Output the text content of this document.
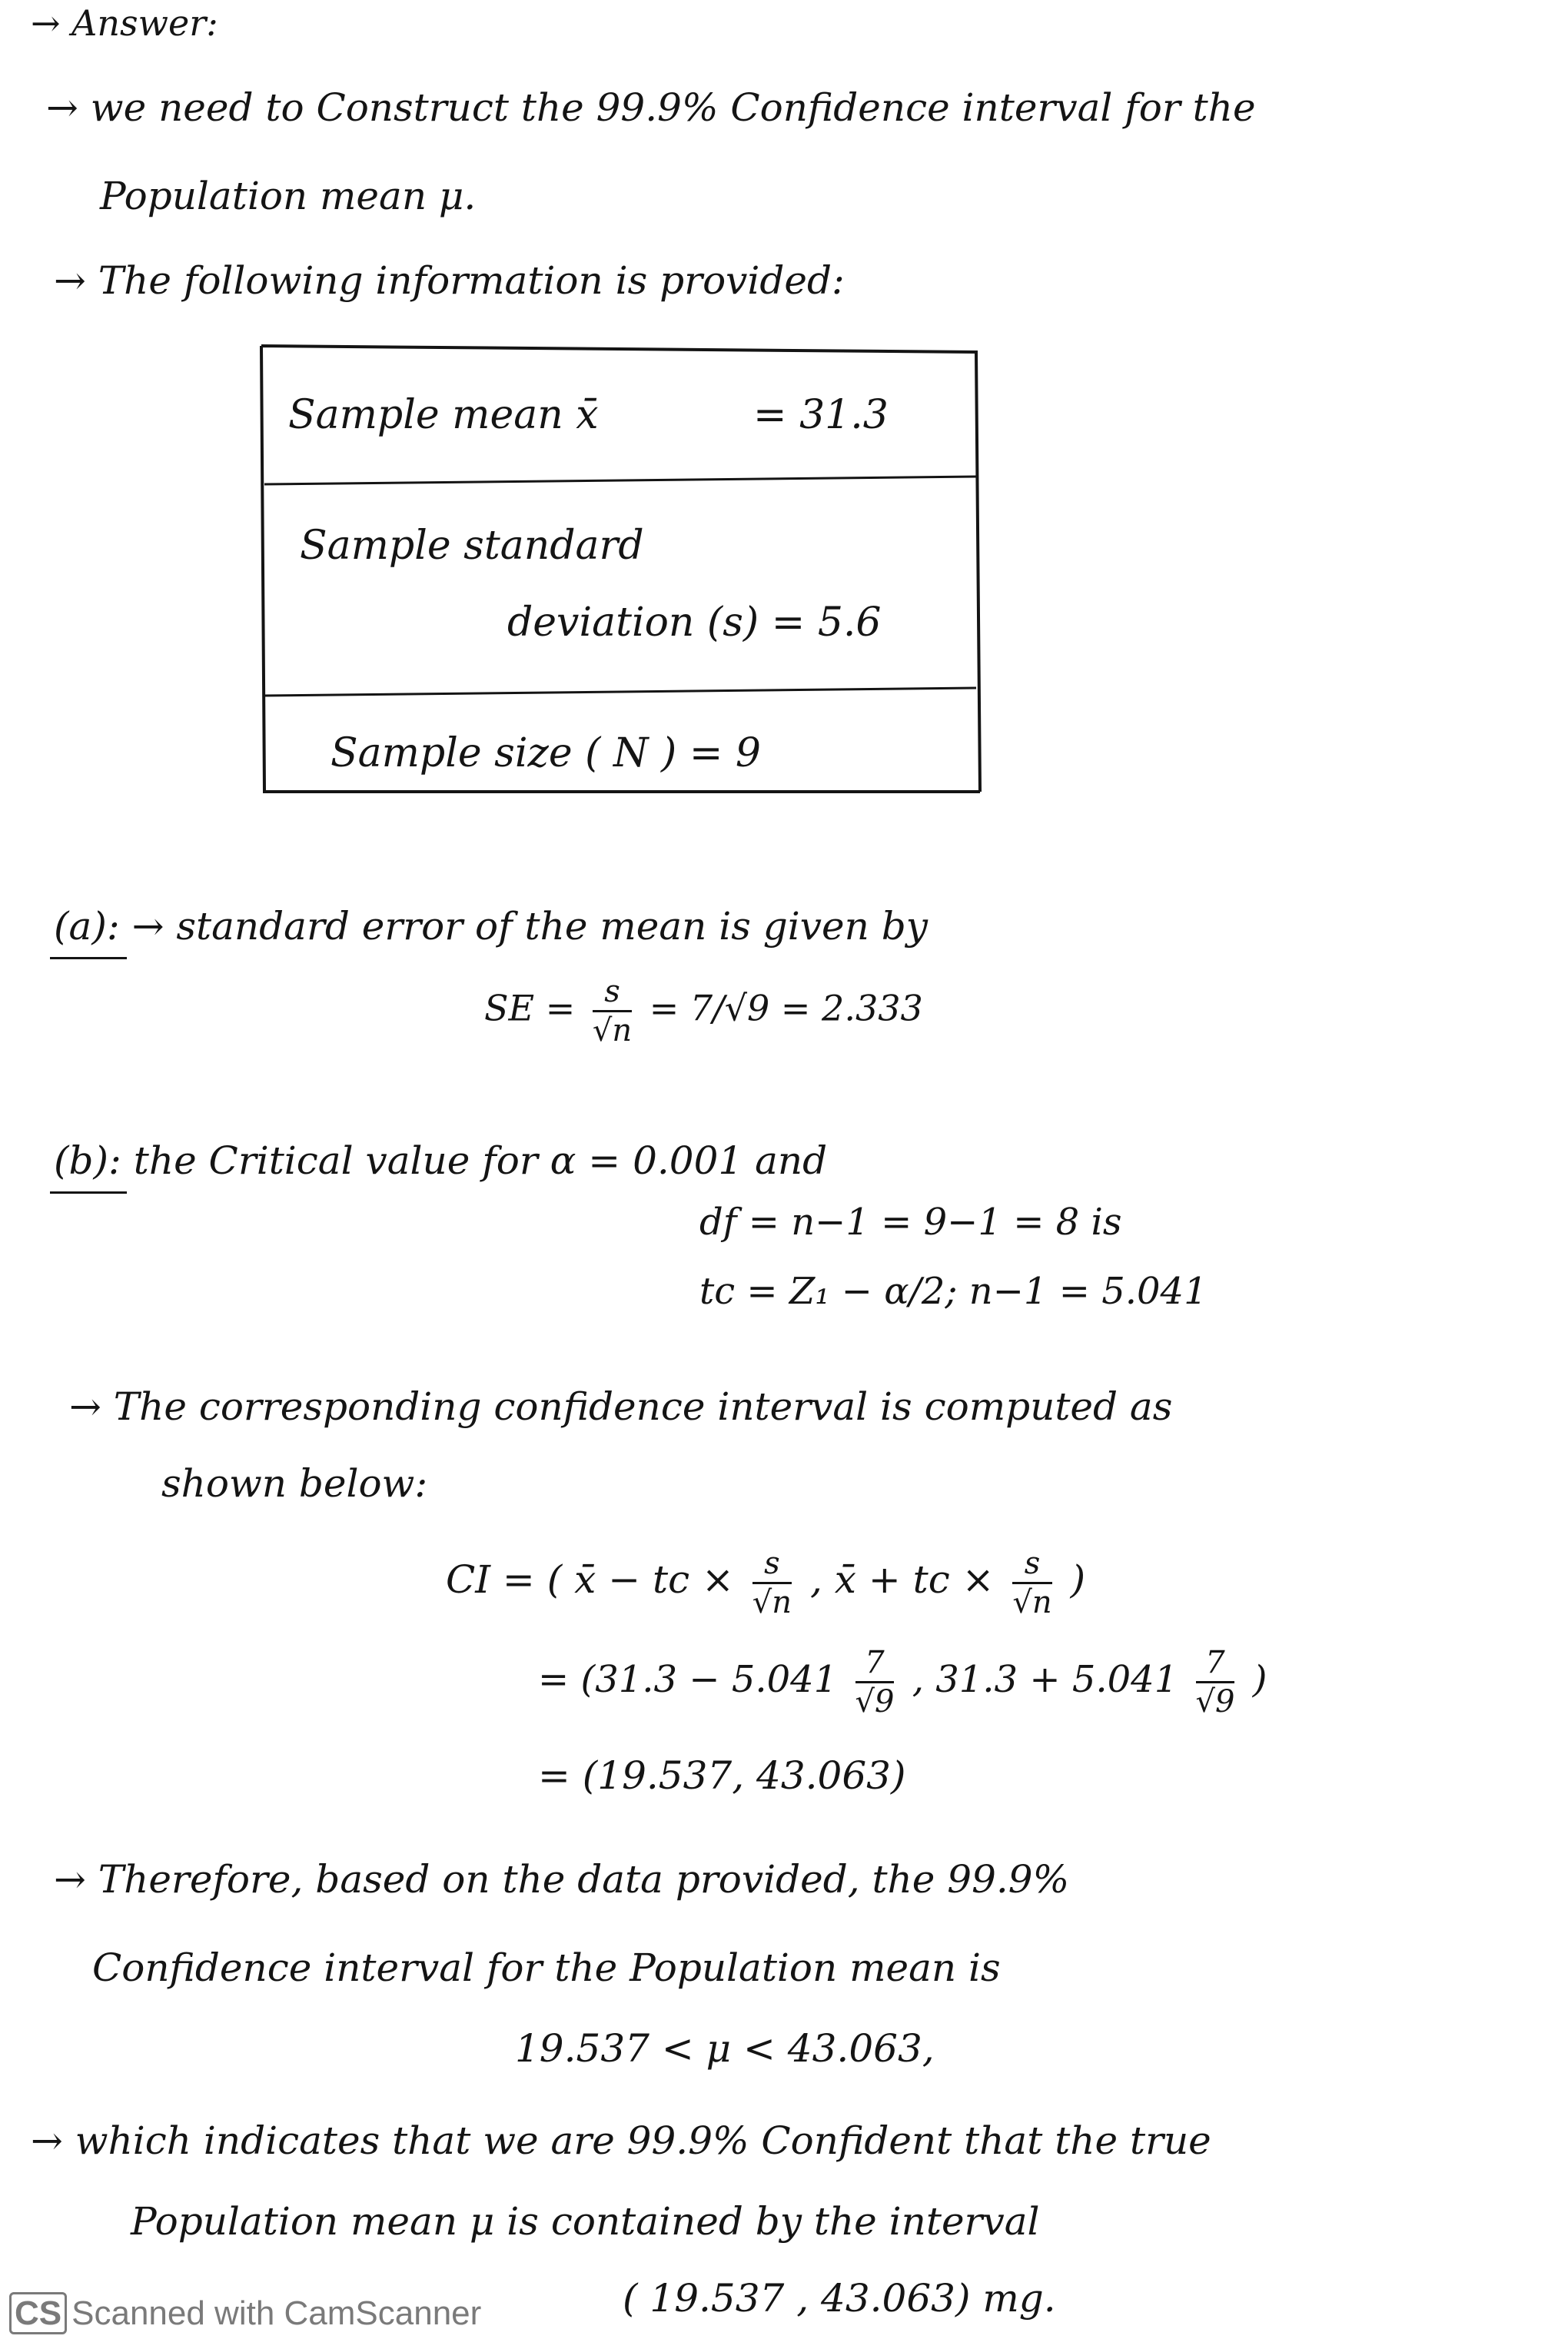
→ Answer:
→ we need to Construct the 99.9% Confidence interval for the
Population mean μ.
→ The following information is provided:
Sample mean x̄	= 31.3
Sample standard
deviation (s) = 5.6
Sample size ( N ) = 9
(a): → standard error of the mean is given by
SE = $\frac{s}{√n} = 7/√9 = 2.333$
(b): the Critical value for α = 0.001 and
df = n−1 = 9−1 = 8 is
tc = Z₁ − α/2; n−1 = 5.041
→ The corresponding confidence interval is computed as
shown below:
CI = ( x̄ − tc × $\frac{s}{√n}$ , x̄ + tc × $\frac{s}{√n}$ )
= ($31.3 - 5.041 \frac{7}{√9}$ , $31.3 + 5.041 \frac{7}{√9}$ )
= (19.537, 43.063)
→ Therefore, based on the data provided, the 99.9%
Confidence interval for the Population mean is
19.537 < μ < 43.063,
→ which indicates that we are 99.9% Confident that the true
Population mean μ is contained by the interval
( 19.537 , 43.063) mg.
CS Scanned with CamScanner
